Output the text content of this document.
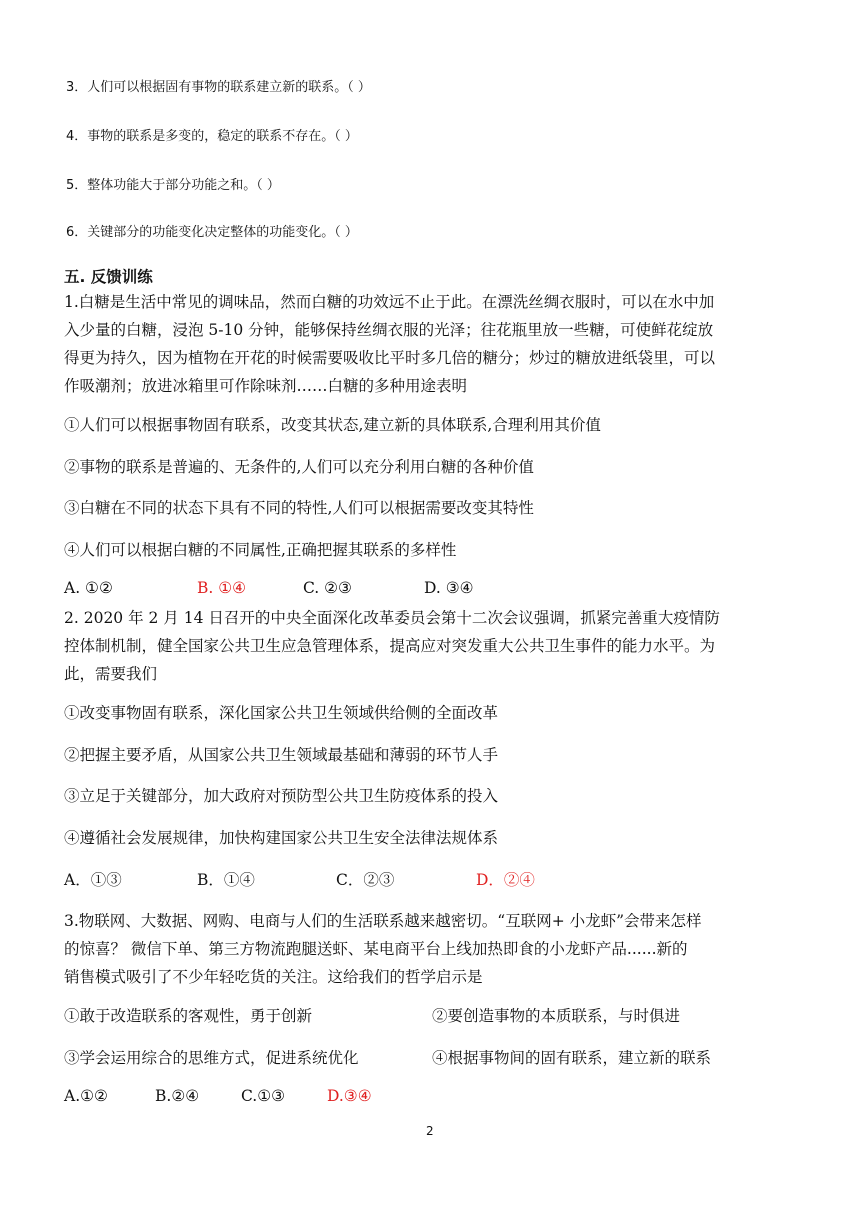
3．人们可以根据固有事物的联系建立新的联系。（ ）
4．事物的联系是多变的，稳定的联系不存在。（ ）
5．整体功能大于部分功能之和。（ ）
6．关键部分的功能变化决定整体的功能变化。（ ）
五. 反馈训练
1.白糖是生活中常见的调味品，然而白糖的功效远不止于此。在漂洗丝绸衣服时，可以在水中加
入少量的白糖，浸泡 5-10 分钟，能够保持丝绸衣服的光泽；往花瓶里放一些糖，可使鲜花绽放
得更为持久，因为植物在开花的时候需要吸收比平时多几倍的糖分；炒过的糖放进纸袋里，可以
作吸潮剂；放进冰箱里可作除味剂……白糖的多种用途表明
①人们可以根据事物固有联系，改变其状态,建立新的具体联系,合理利用其价值
②事物的联系是普遍的、无条件的,人们可以充分利用白糖的各种价值
③白糖在不同的状态下具有不同的特性,人们可以根据需要改变其特性
④人们可以根据白糖的不同属性,正确把握其联系的多样性
A. ①②	B. ①④	C. ②③	D. ③④
2. 2020 年 2 月 14 日召开的中央全面深化改革委员会第十二次会议强调，抓紧完善重大疫情防
控体制机制，健全国家公共卫生应急管理体系，提高应对突发重大公共卫生事件的能力水平。为
此，需要我们
①改变事物固有联系，深化国家公共卫生领域供给侧的全面改革
②把握主要矛盾，从国家公共卫生领域最基础和薄弱的环节人手
③立足于关键部分，加大政府对预防型公共卫生防疫体系的投入
④遵循社会发展规律，加快构建国家公共卫生安全法律法规体系
A．①③	B．①④	C．②③	D．②④
3.物联网、大数据、网购、电商与人们的生活联系越来越密切。“互联网+ 小龙虾”会带来怎样
的惊喜？ 微信下单、第三方物流跑腿送虾、某电商平台上线加热即食的小龙虾产品......新的
销售模式吸引了不少年轻吃货的关注。这给我们的哲学启示是
①敢于改造联系的客观性，勇于创新	②要创造事物的本质联系，与时俱进
③学会运用综合的思维方式，促进系统优化	④根据事物间的固有联系，建立新的联系
A.①②	B.②④	C.①③	D.③④
2
